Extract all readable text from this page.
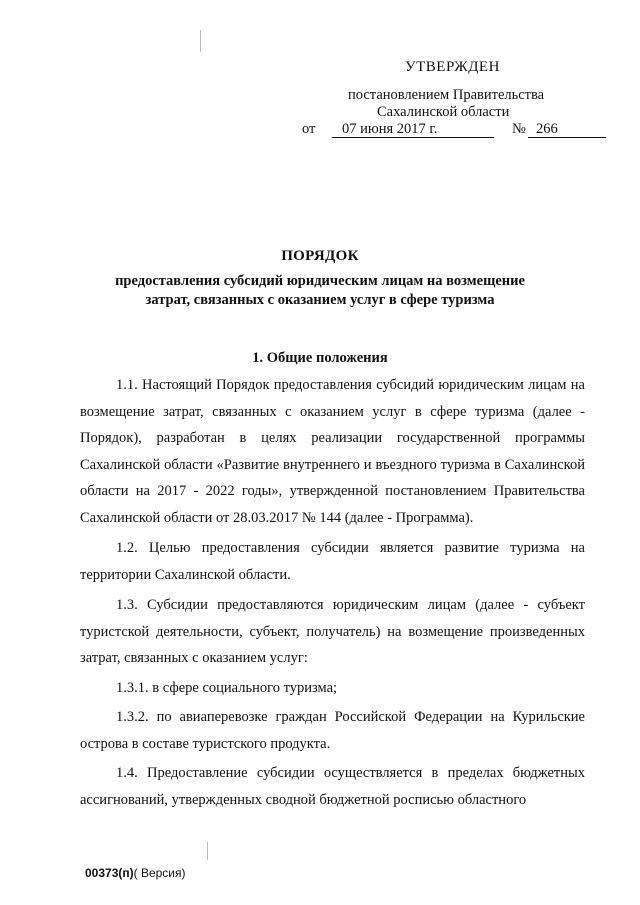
УТВЕРЖДЕН
постановлением Правительства
Сахалинской области
от 07 июня 2017 г.	№ 266
ПОРЯДОК
предоставления субсидий юридическим лицам на возмещение
затрат, связанных с оказанием услуг в сфере туризма
1. Общие положения

1.1. Настоящий Порядок предоставления субсидий юридическим лицам на возмещение затрат, связанных с оказанием услуг в сфере туризма (далее - Порядок), разработан в целях реализации государственной программы Сахалинской области «Развитие внутреннего и въездного туризма в Сахалинской области на 2017 - 2022 годы», утвержденной постановлением Правительства Сахалинской области от 28.03.2017 № 144 (далее - Программа).

1.2. Целью предоставления субсидии является развитие туризма на территории Сахалинской области.

1.3. Субсидии предоставляются юридическим лицам (далее - субъект туристской деятельности, субъект, получатель) на возмещение произведенных затрат, связанных с оказанием услуг:

1.3.1. в сфере социального туризма;

1.3.2. по авиаперевозке граждан Российской Федерации на Курильские острова в составе туристского продукта.

1.4. Предоставление субсидии осуществляется в пределах бюджетных ассигнований, утвержденных сводной бюджетной росписью областного

00373(п)( Версия)
